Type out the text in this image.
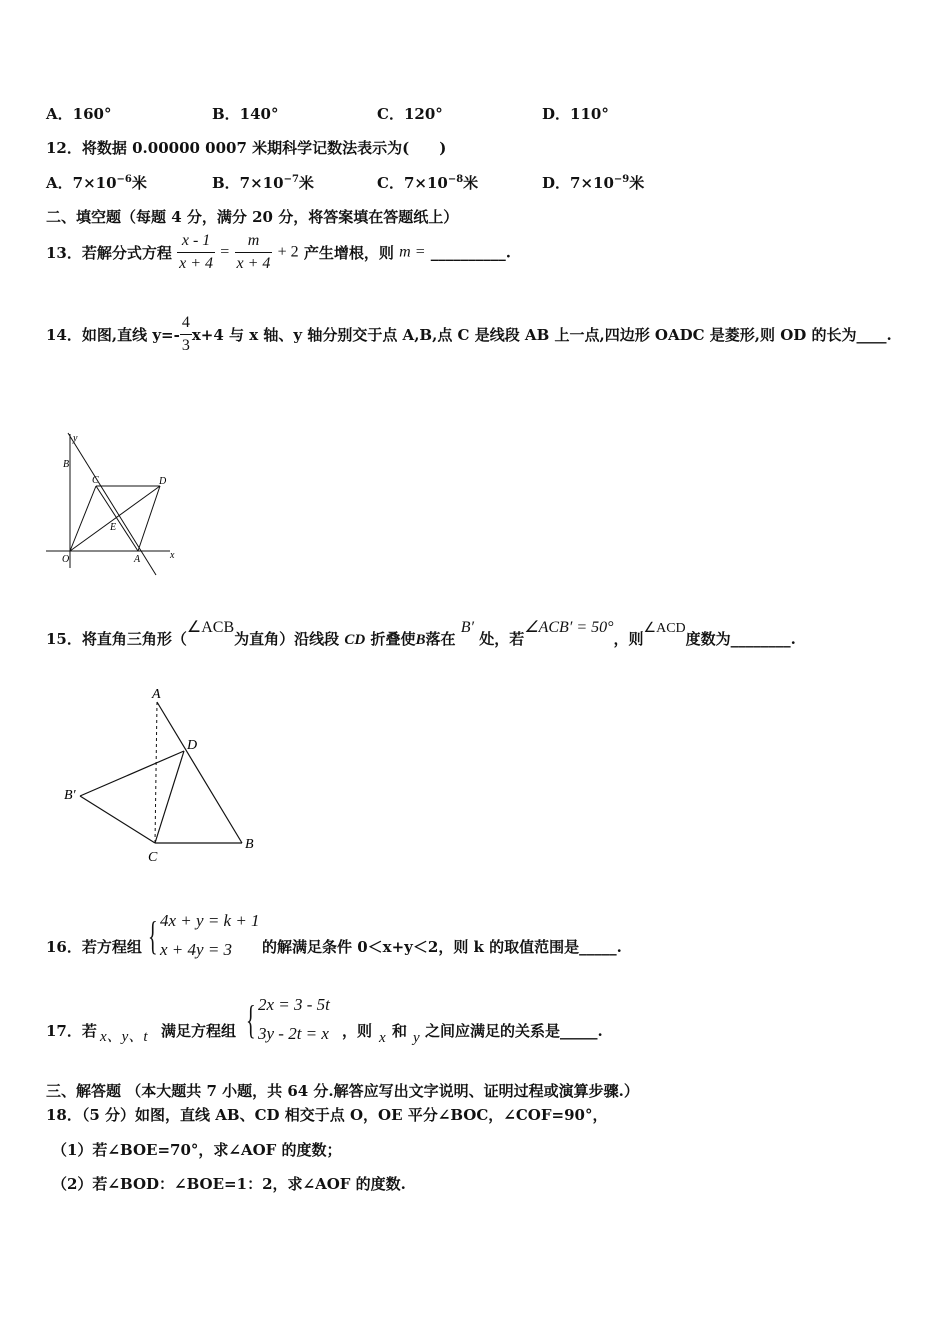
A．160°	B．140°	C．120°	D．110°
12．将数据 0.00000 0007 米期科学记数法表示为(　　)
A．$7\times 10^{-6}$米	B．$7\times 10^{-7}$米	C．$7\times 10^{-8}$米	D．$7\times 10^{-9}$米
二、填空题（每题 4 分，满分 20 分，将答案填在答题纸上）
13．若解分式方程 $\frac{x - 1}{x + 4} = \frac{m}{x + 4} + 2$ 产生增根，则 m = __________.
14．如图,直线 $y=- \frac{4}{3} x+4$ 与 x 轴、y 轴分别交于点 A,B,点 C 是线段 AB 上一点,四边形 OADC 是菱形,则 OD 的长为____.
y
B
C	D
E
O	A	x
15．将直角三角形（∠ACB为直角）沿线段 CD 折叠使B落在 B′ 处，若∠ACB′ = 50°，则∠ACD度数为________.
A
D
B′
C
B
16．若方程组 { 4x + y = k + 1
x + 4y = 3 的解满足条件 0＜x+y＜2，则 k 的取值范围是_____.
17．若 x、y、t 满足方程组 { 2x = 3 - 5t
3y - 2t = x ，则 x 和 y 之间应满足的关系是_____.
三、解答题 （本大题共 7 小题，共 64 分.解答应写出文字说明、证明过程或演算步骤.）
18．（5 分）如图，直线 AB、CD 相交于点 O，OE 平分∠BOC，∠COF=90°，
（1）若∠BOE=70°，求∠AOF 的度数；
（2）若∠BOD：∠BOE=1：2，求∠AOF 的度数.
